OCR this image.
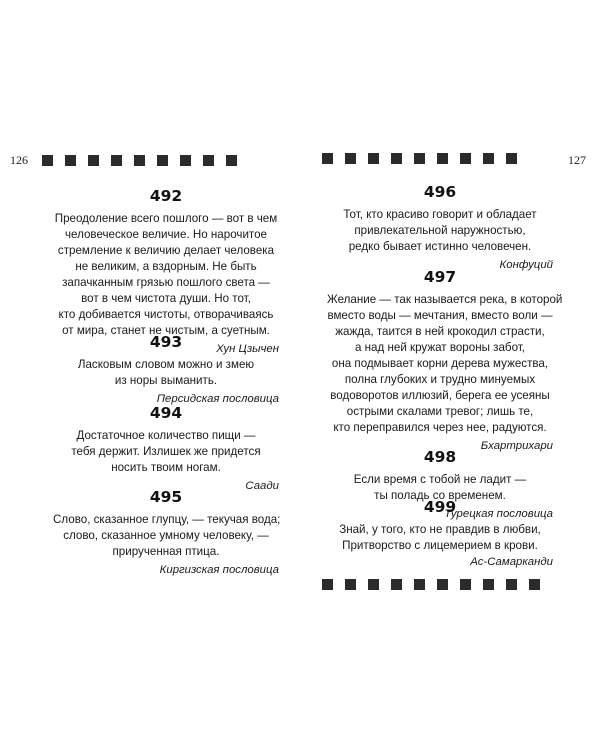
126
492

Преодоление всего пошлого — вот в чем
человеческое величие. Но нарочитое
стремление к величию делает человека
не великим, а вздорным. Не быть
запачканным грязью пошлого света —
вот в чем чистота души. Но тот,
кто добивается чистоты, отворачиваясь
от мира, станет не чистым, а суетным.

Хун Цзычен
493

Ласковым словом можно и змею
из норы выманить.

Персидская пословица
494

Достаточное количество пищи —
тебя держит. Излишек же придется
носить твоим ногам.

Саади
495

Слово, сказанное глупцу, — текучая вода;
слово, сказанное умному человеку, —
прирученная птица.

Киргизская пословица
127
496

Тот, кто красиво говорит и обладает
привлекательной наружностью,
редко бывает истинно человечен.

Конфуций
497

Желание — так называется река, в которой
вместо воды — мечтания, вместо воли —
жажда, таится в ней крокодил страсти,
а над ней кружат вороны забот,
она подмывает корни дерева мужества,
полна глубоких и трудно минуемых
водоворотов иллюзий, берега ее усеяны
острыми скалами тревог; лишь те,
кто переправился через нее, радуются.

Бхартрихари
498

Если время с тобой не ладит —
ты поладь со временем.

Турецкая пословица
499

Знай, у того, кто не правдив в любви,
Притворство с лицемерием в крови.

Ас-Самарканди
